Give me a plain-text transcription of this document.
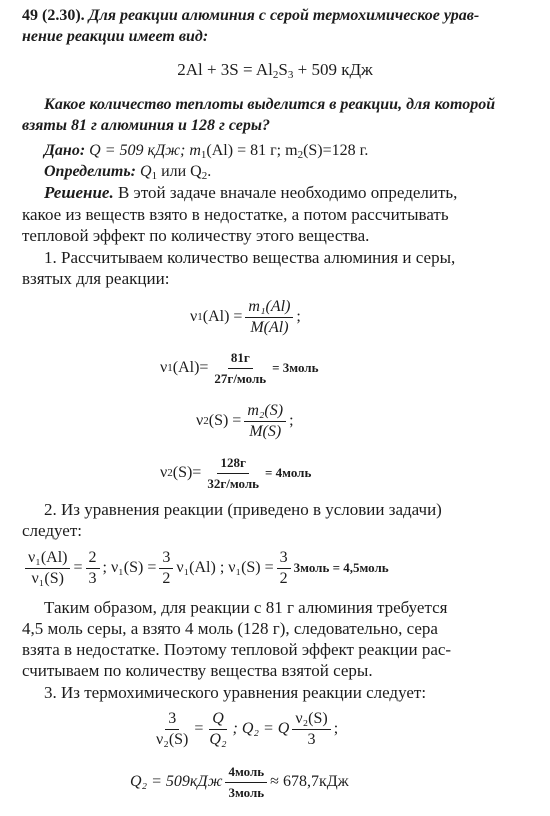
49 (2.30). Для реакции алюминия с серой термохимическое урав-
нение реакции имеет вид:
$2Al + 3S = Al_2S_3 + 509$ кДж
Какое количество теплоты выделится в реакции, для которой
взяты 81 г алюминия и 128 г серы?
Дано: Q = 509 кДж; $m_1(Al) = 81$ г; $m_2(S)=128$ г.
Определить: $Q_1$ или $Q_2$.
Решение. В этой задаче вначале необходимо определить,
какое из веществ взято в недостатке, а потом рассчитывать
тепловой эффект по количеству этого вещества.
1. Рассчитываем количество вещества алюминия и серы,
взятых для реакции:
ν 1 $(Al) = \frac{\text{m₁(Al)}}{M(Al)}$ ;
ν 1 $(Al)= \frac{81г}{\text{27г/моль}}$ = 3моль
ν 2 $(S) = \frac{\text{m₂(S)}}{M(S)}$ ;
ν 2 $(S)= \frac{128г}{\text{32г/моль}}$ = 4моль
2. Из уравнения реакции (приведено в условии задачи)
следует:
$\frac{\text{ν₁(Al)}}{\text{ν₁(S)}} = \frac{2}{3}$ ; $\nu_1(S) = \frac{3}{2} \nu_1(Al)$ ; $\nu_1(S) = \frac{3}{2}$ 3моль = 4,5моль
Таким образом, для реакции с 81 г алюминия требуется
4,5 моль серы, а взято 4 моль (128 г), следовательно, сера
взята в недостатке. Поэтому тепловой эффект реакции рас-
считываем по количеству вещества взятой серы.
3. Из термохимического уравнения реакции следует:
$\frac{3}{\text{ν₂(S)}} = \frac{Q}{\text{Q₂}}$ ; Q₂ = Q $\frac{\text{ν₂(S)}}{3}$ ;
$Q_2 = 509кДж \frac{\text{4моль}}{\text{3моль}} \approx 678,7кДж$
